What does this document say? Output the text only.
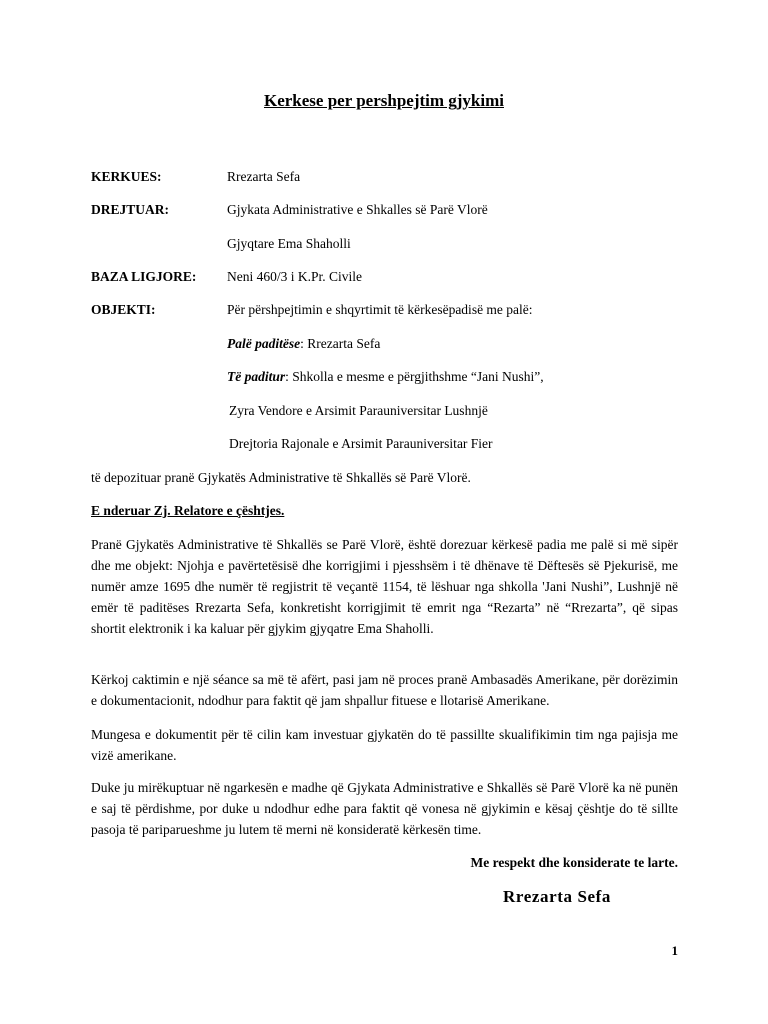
Kerkese per pershpejtim gjykimi
KERKUES:	Rrezarta Sefa
DREJTUAR:	Gjykata Administrative e Shkalles së Parë Vlorë
Gjyqtare Ema Shaholli
BAZA LIGJORE:	Neni 460/3 i K.Pr. Civile
OBJEKTI:	Për përshpejtimin e shqyrtimit të kërkesëpadisë me palë:
Palë paditëse: Rrezarta Sefa
Të paditur: Shkolla e mesme e përgjithshme “Jani Nushi”,
Zyra Vendore e Arsimit Parauniversitar Lushnjë
Drejtoria Rajonale e Arsimit Parauniversitar Fier
të depozituar pranë Gjykatës Administrative të Shkallës së Parë Vlorë.
E nderuar Zj. Relatore e çështjes.
Pranë Gjykatës Administrative të Shkallës se Parë Vlorë, është dorezuar kërkesë padia me palë si më sipër dhe me objekt: Njohja e pavërtetësisë dhe korrigjimi i pjesshsëm i të dhënave të Dëftesës së Pjekurisë, me numër amze 1695 dhe numër të regjistrit të veçantë 1154, të lëshuar nga shkolla 'Jani Nushi”, Lushnjë në emër të paditëses Rrezarta Sefa, konkretisht korrigjimit të emrit nga “Rezarta” në “Rrezarta”, që sipas shortit elektronik i ka kaluar për gjykim gjyqatre Ema Shaholli.
Kërkoj caktimin e një séance sa më të afërt, pasi jam në proces pranë Ambasadës Amerikane, për dorëzimin e dokumentacionit, ndodhur para faktit që jam shpallur fituese e llotarisë Amerikane.
Mungesa e dokumentit për të cilin kam investuar gjykatën do të passillte skualifikimin tim nga pajisja me vizë amerikane.
Duke ju mirëkuptuar në ngarkesën e madhe që Gjykata Administrative e Shkallës së Parë Vlorë ka në punën e saj të përdishme, por duke u ndodhur edhe para faktit që vonesa në gjykimin e kësaj çështje do të sillte pasoja të pariparueshme ju lutem të merni në konsideratë kërkesën time.
Me respekt dhe konsiderate te larte.
Rrezarta Sefa
1
